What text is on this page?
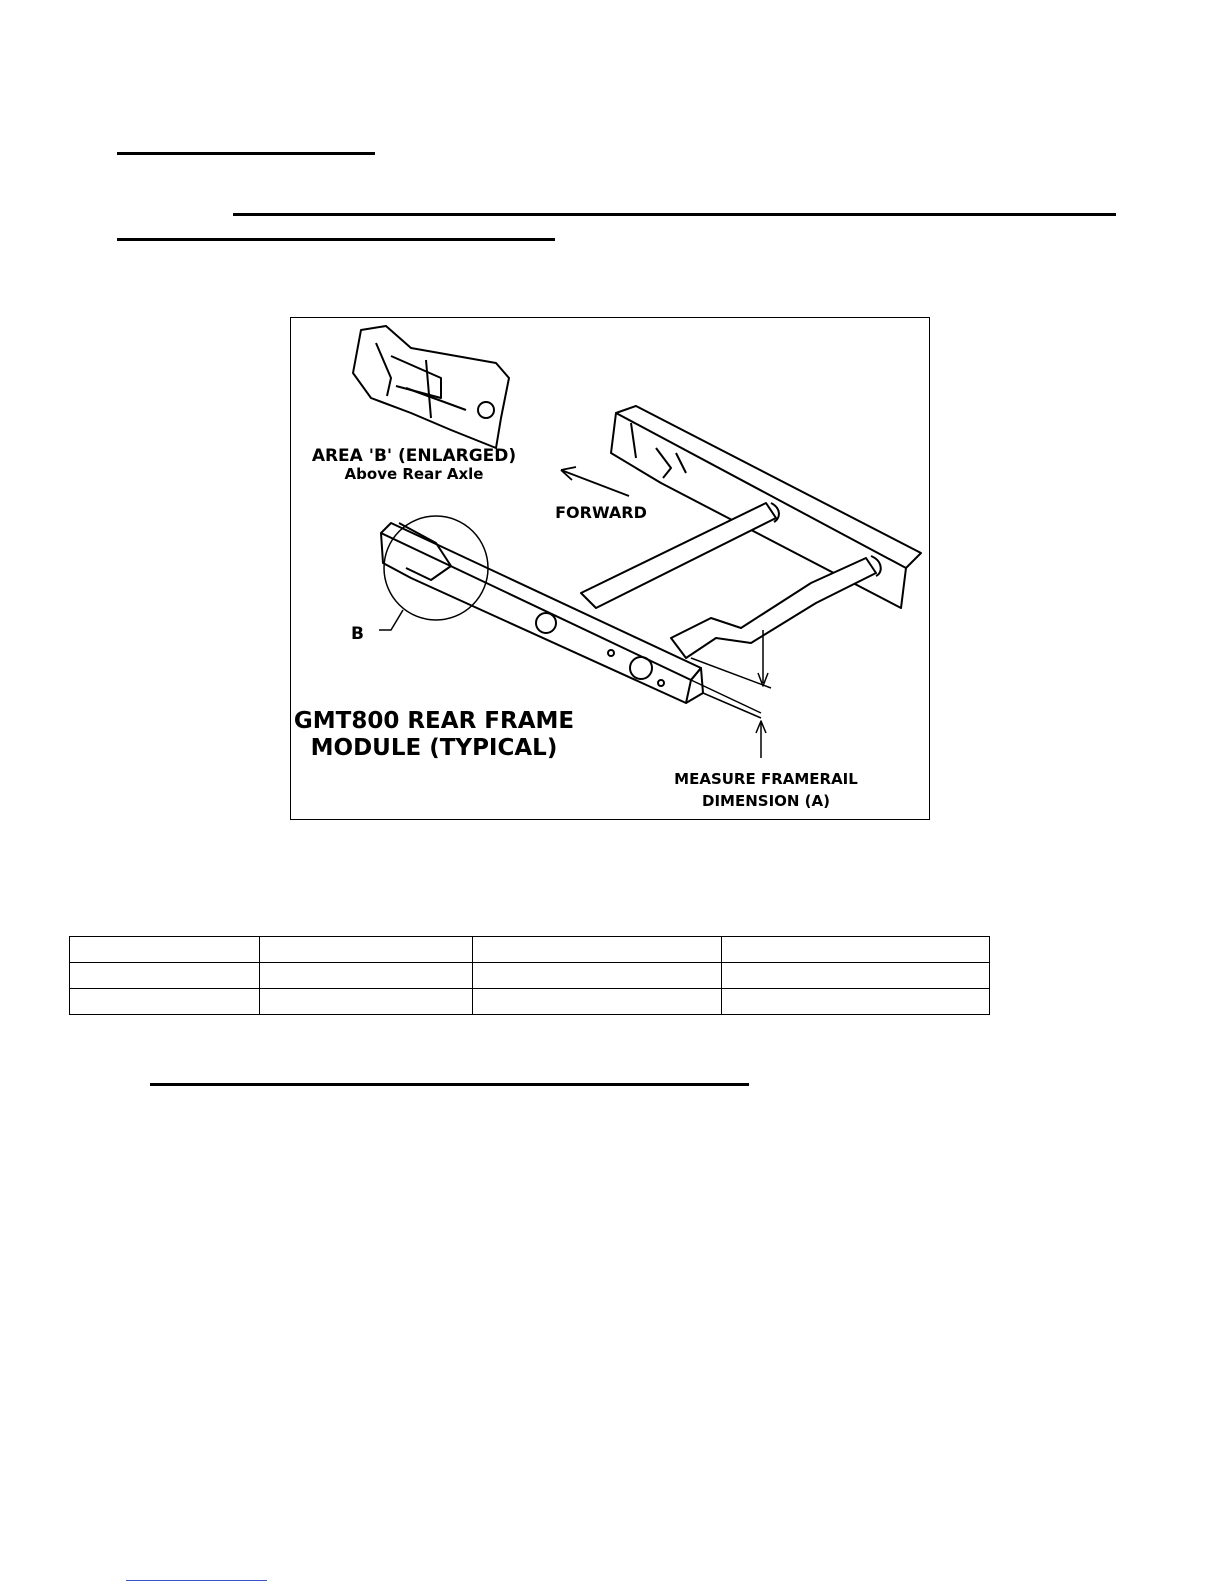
AREA 'B' (ENLARGED)
Above Rear Axle
FORWARD
B
GMT800 REAR FRAME
MODULE (TYPICAL)
MEASURE FRAMERAIL
DIMENSION (A)
